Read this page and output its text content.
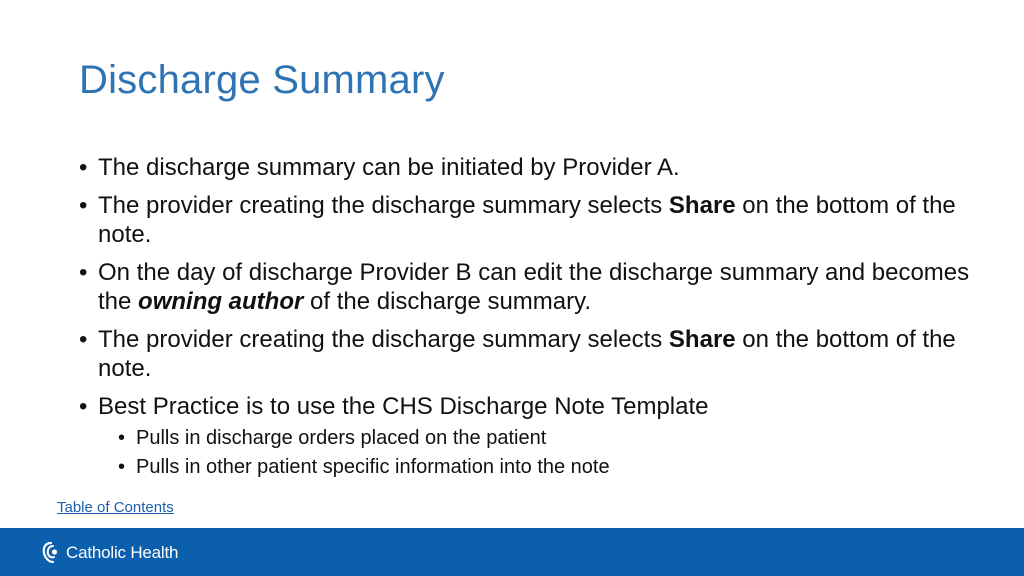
Discharge Summary
• The discharge summary can be initiated by Provider A.
• The provider creating the discharge summary selects Share on the bottom of the note.
• On the day of discharge Provider B can edit the discharge summary and becomes the owning author of the discharge summary.
• The provider creating the discharge summary selects Share on the bottom of the note.
• Best Practice is to use the CHS Discharge Note Template
• Pulls in discharge orders placed on the patient
• Pulls in other patient specific information into the note
Table of Contents
Catholic Health
